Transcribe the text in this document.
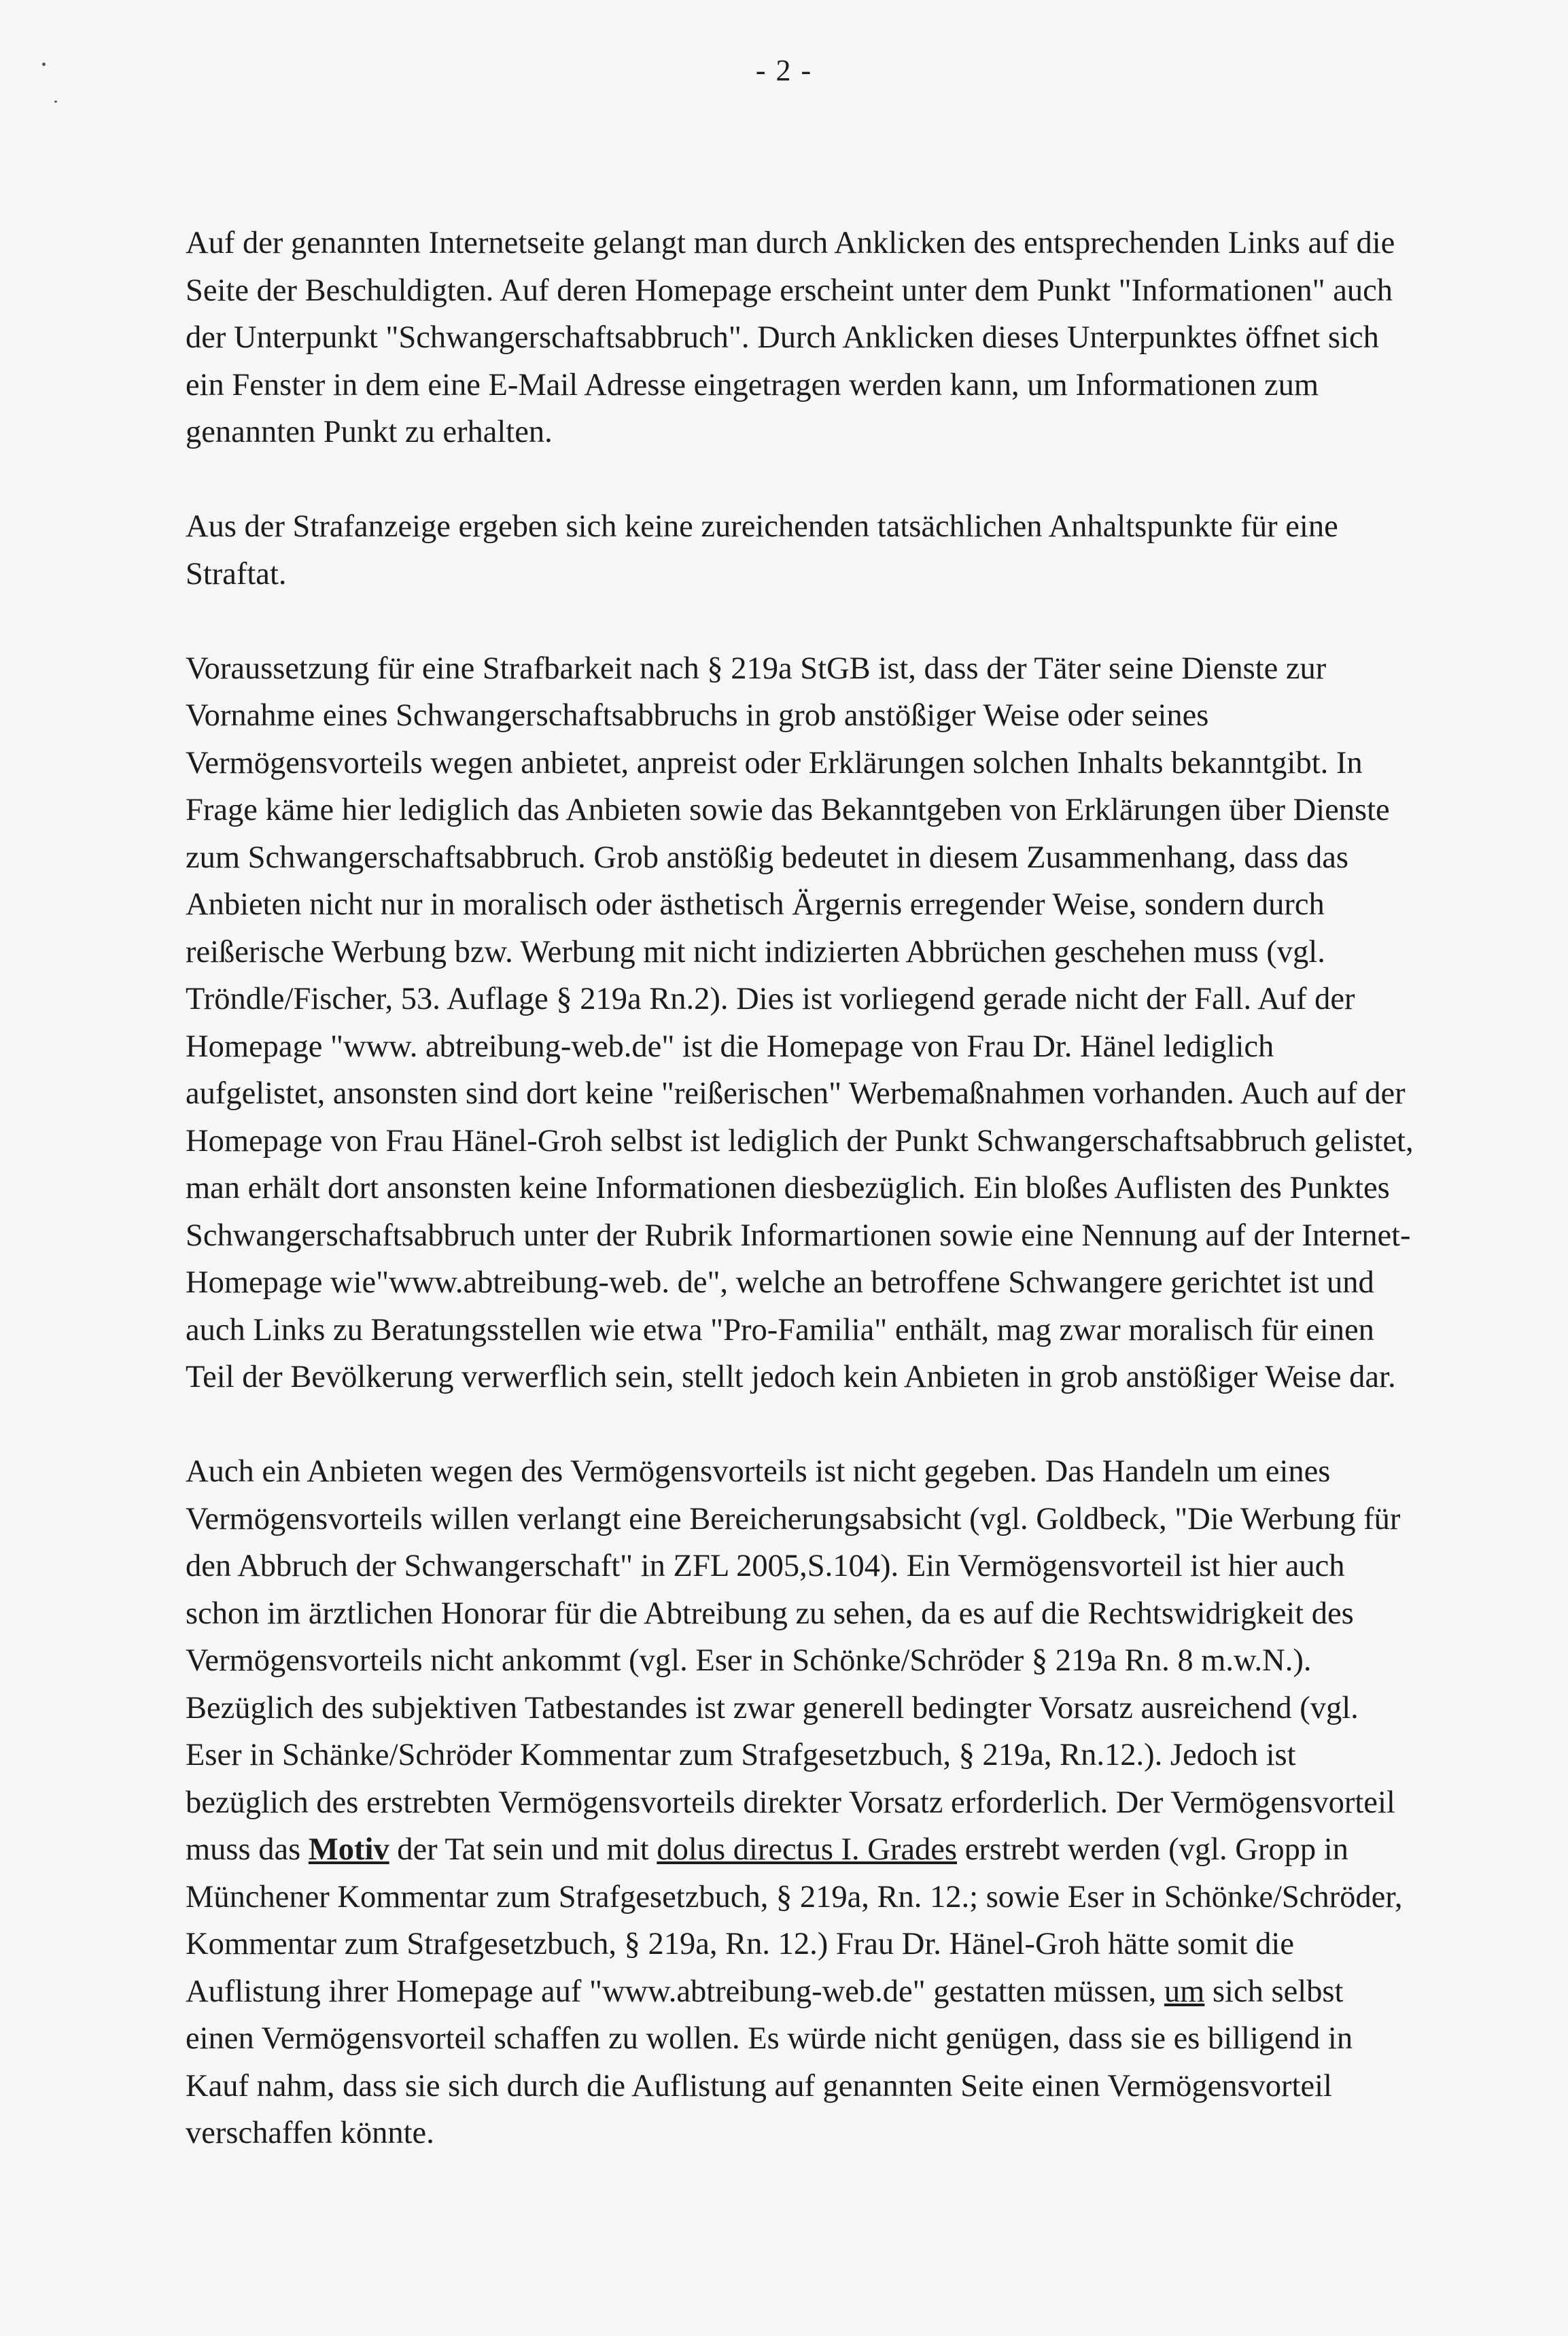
- 2 -

Auf der genannten Internetseite gelangt man durch Anklicken des entsprechenden Links auf die
Seite der Beschuldigten. Auf deren Homepage erscheint unter dem Punkt "Informationen" auch
der Unterpunkt "Schwangerschaftsabbruch". Durch Anklicken dieses Unterpunktes öffnet sich
ein Fenster in dem eine E-Mail Adresse eingetragen werden kann, um Informationen zum
genannten Punkt zu erhalten.

Aus der Strafanzeige ergeben sich keine zureichenden tatsächlichen Anhaltspunkte für eine
Straftat.

Voraussetzung für eine Strafbarkeit nach § 219a StGB ist, dass der Täter seine Dienste zur
Vornahme eines Schwangerschaftsabbruchs in grob anstößiger Weise oder seines
Vermögensvorteils wegen anbietet, anpreist oder Erklärungen solchen Inhalts bekanntgibt. In
Frage käme hier lediglich das Anbieten sowie das Bekanntgeben von Erklärungen über Dienste
zum Schwangerschaftsabbruch. Grob anstößig bedeutet in diesem Zusammenhang, dass das
Anbieten nicht nur in moralisch oder ästhetisch Ärgernis erregender Weise, sondern durch
reißerische Werbung bzw. Werbung mit nicht indizierten Abbrüchen geschehen muss (vgl.
Tröndle/Fischer, 53. Auflage § 219a Rn.2). Dies ist vorliegend gerade nicht der Fall. Auf der
Homepage "www. abtreibung-web.de" ist die Homepage von Frau Dr. Hänel lediglich
aufgelistet, ansonsten sind dort keine "reißerischen" Werbemaßnahmen vorhanden. Auch auf der
Homepage von Frau Hänel-Groh selbst ist lediglich der Punkt Schwangerschaftsabbruch gelistet,
man erhält dort ansonsten keine Informationen diesbezüglich. Ein bloßes Auflisten des Punktes
Schwangerschaftsabbruch unter der Rubrik Informartionen sowie eine Nennung auf der Internet-
Homepage wie"www.abtreibung-web. de", welche an betroffene Schwangere gerichtet ist und
auch Links zu Beratungsstellen wie etwa "Pro-Familia" enthält, mag zwar moralisch für einen
Teil der Bevölkerung verwerflich sein, stellt jedoch kein Anbieten in grob anstößiger Weise dar.

Auch ein Anbieten wegen des Vermögensvorteils ist nicht gegeben. Das Handeln um eines
Vermögensvorteils willen verlangt eine Bereicherungsabsicht (vgl. Goldbeck, "Die Werbung für
den Abbruch der Schwangerschaft" in ZFL 2005,S.104). Ein Vermögensvorteil ist hier auch
schon im ärztlichen Honorar für die Abtreibung zu sehen, da es auf die Rechtswidrigkeit des
Vermögensvorteils nicht ankommt (vgl. Eser in Schönke/Schröder § 219a Rn. 8 m.w.N.).
Bezüglich des subjektiven Tatbestandes ist zwar generell bedingter Vorsatz ausreichend (vgl.
Eser in Schänke/Schröder Kommentar zum Strafgesetzbuch, § 219a, Rn.12.). Jedoch ist
bezüglich des erstrebten Vermögensvorteils direkter Vorsatz erforderlich. Der Vermögensvorteil
muss das Motiv der Tat sein und mit dolus directus I. Grades erstrebt werden (vgl. Gropp in
Münchener Kommentar zum Strafgesetzbuch, § 219a, Rn. 12.; sowie Eser in Schönke/Schröder,
Kommentar zum Strafgesetzbuch, § 219a, Rn. 12.) Frau Dr. Hänel-Groh hätte somit die
Auflistung ihrer Homepage auf "www.abtreibung-web.de" gestatten müssen, um sich selbst
einen Vermögensvorteil schaffen zu wollen. Es würde nicht genügen, dass sie es billigend in
Kauf nahm, dass sie sich durch die Auflistung auf genannten Seite einen Vermögensvorteil
verschaffen könnte.
